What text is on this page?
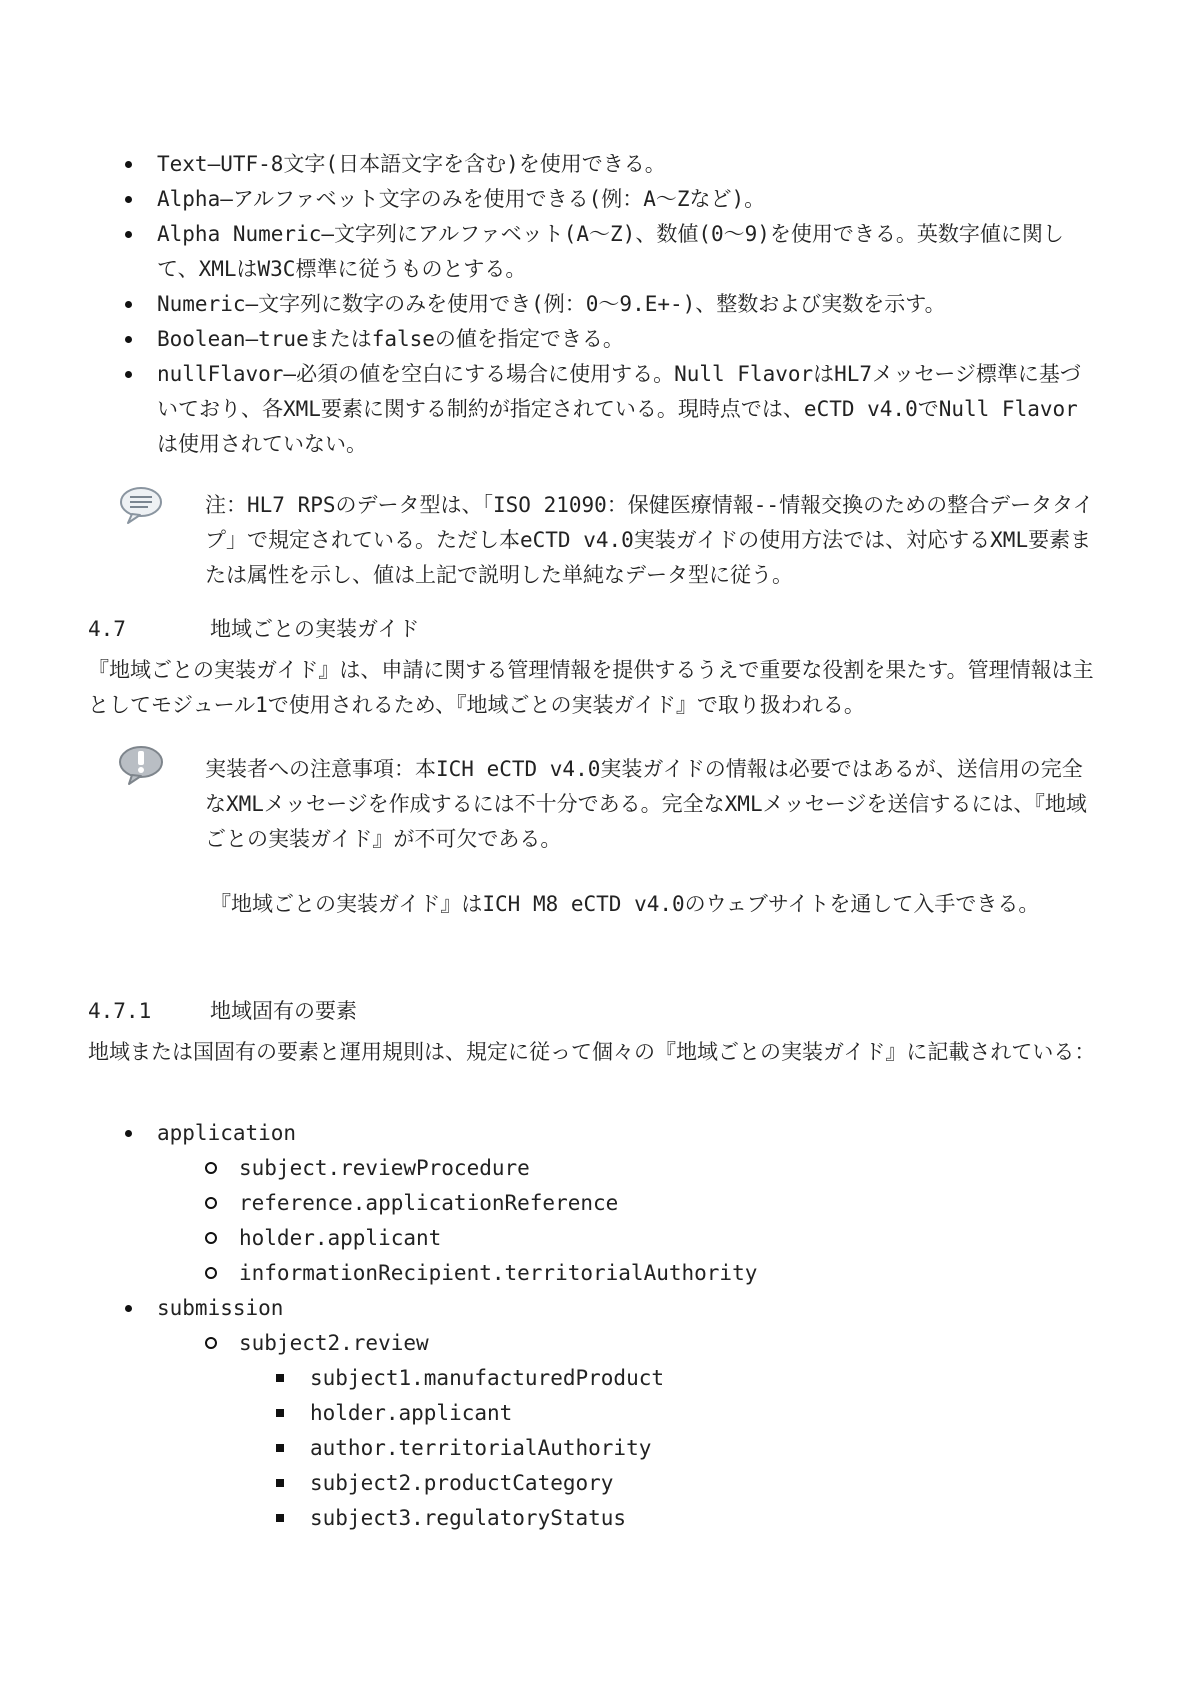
Text—UTF-8文字(日本語文字を含む)を使用できる。
Alpha—アルファベット文字のみを使用できる(例：A～Zなど)。
Alpha Numeric—文字列にアルファベット(A～Z)、数値(0～9)を使用できる。英数字値に関して、XMLはW3C標準に従うものとする。
Numeric—文字列に数字のみを使用でき(例：0～9.E+-)、整数および実数を示す。
Boolean—trueまたはfalseの値を指定できる。
nullFlavor—必須の値を空白にする場合に使用する。Null FlavorはHL7メッセージ標準に基づいており、各XML要素に関する制約が指定されている。現時点では、eCTD v4.0でNull Flavorは使用されていない。
注：HL7 RPSのデータ型は、「ISO 21090：保健医療情報--情報交換のための整合データタイプ」で規定されている。ただし本eCTD v4.0実装ガイドの使用方法では、対応するXML要素または属性を示し、値は上記で説明した単純なデータ型に従う。
4.7	地域ごとの実装ガイド
『地域ごとの実装ガイド』は、申請に関する管理情報を提供するうえで重要な役割を果たす。管理情報は主としてモジュール1で使用されるため、『地域ごとの実装ガイド』で取り扱われる。
実装者への注意事項：本ICH eCTD v4.0実装ガイドの情報は必要ではあるが、送信用の完全なXMLメッセージを作成するには不十分である。完全なXMLメッセージを送信するには、『地域ごとの実装ガイド』が不可欠である。
『地域ごとの実装ガイド』はICH M8 eCTD v4.0のウェブサイトを通して入手できる。
4.7.1	地域固有の要素
地域または国固有の要素と運用規則は、規定に従って個々の『地域ごとの実装ガイド』に記載されている：
application
subject.reviewProcedure
reference.applicationReference
holder.applicant
informationRecipient.territorialAuthority
submission
subject2.review
subject1.manufacturedProduct
holder.applicant
author.territorialAuthority
subject2.productCategory
subject3.regulatoryStatus
